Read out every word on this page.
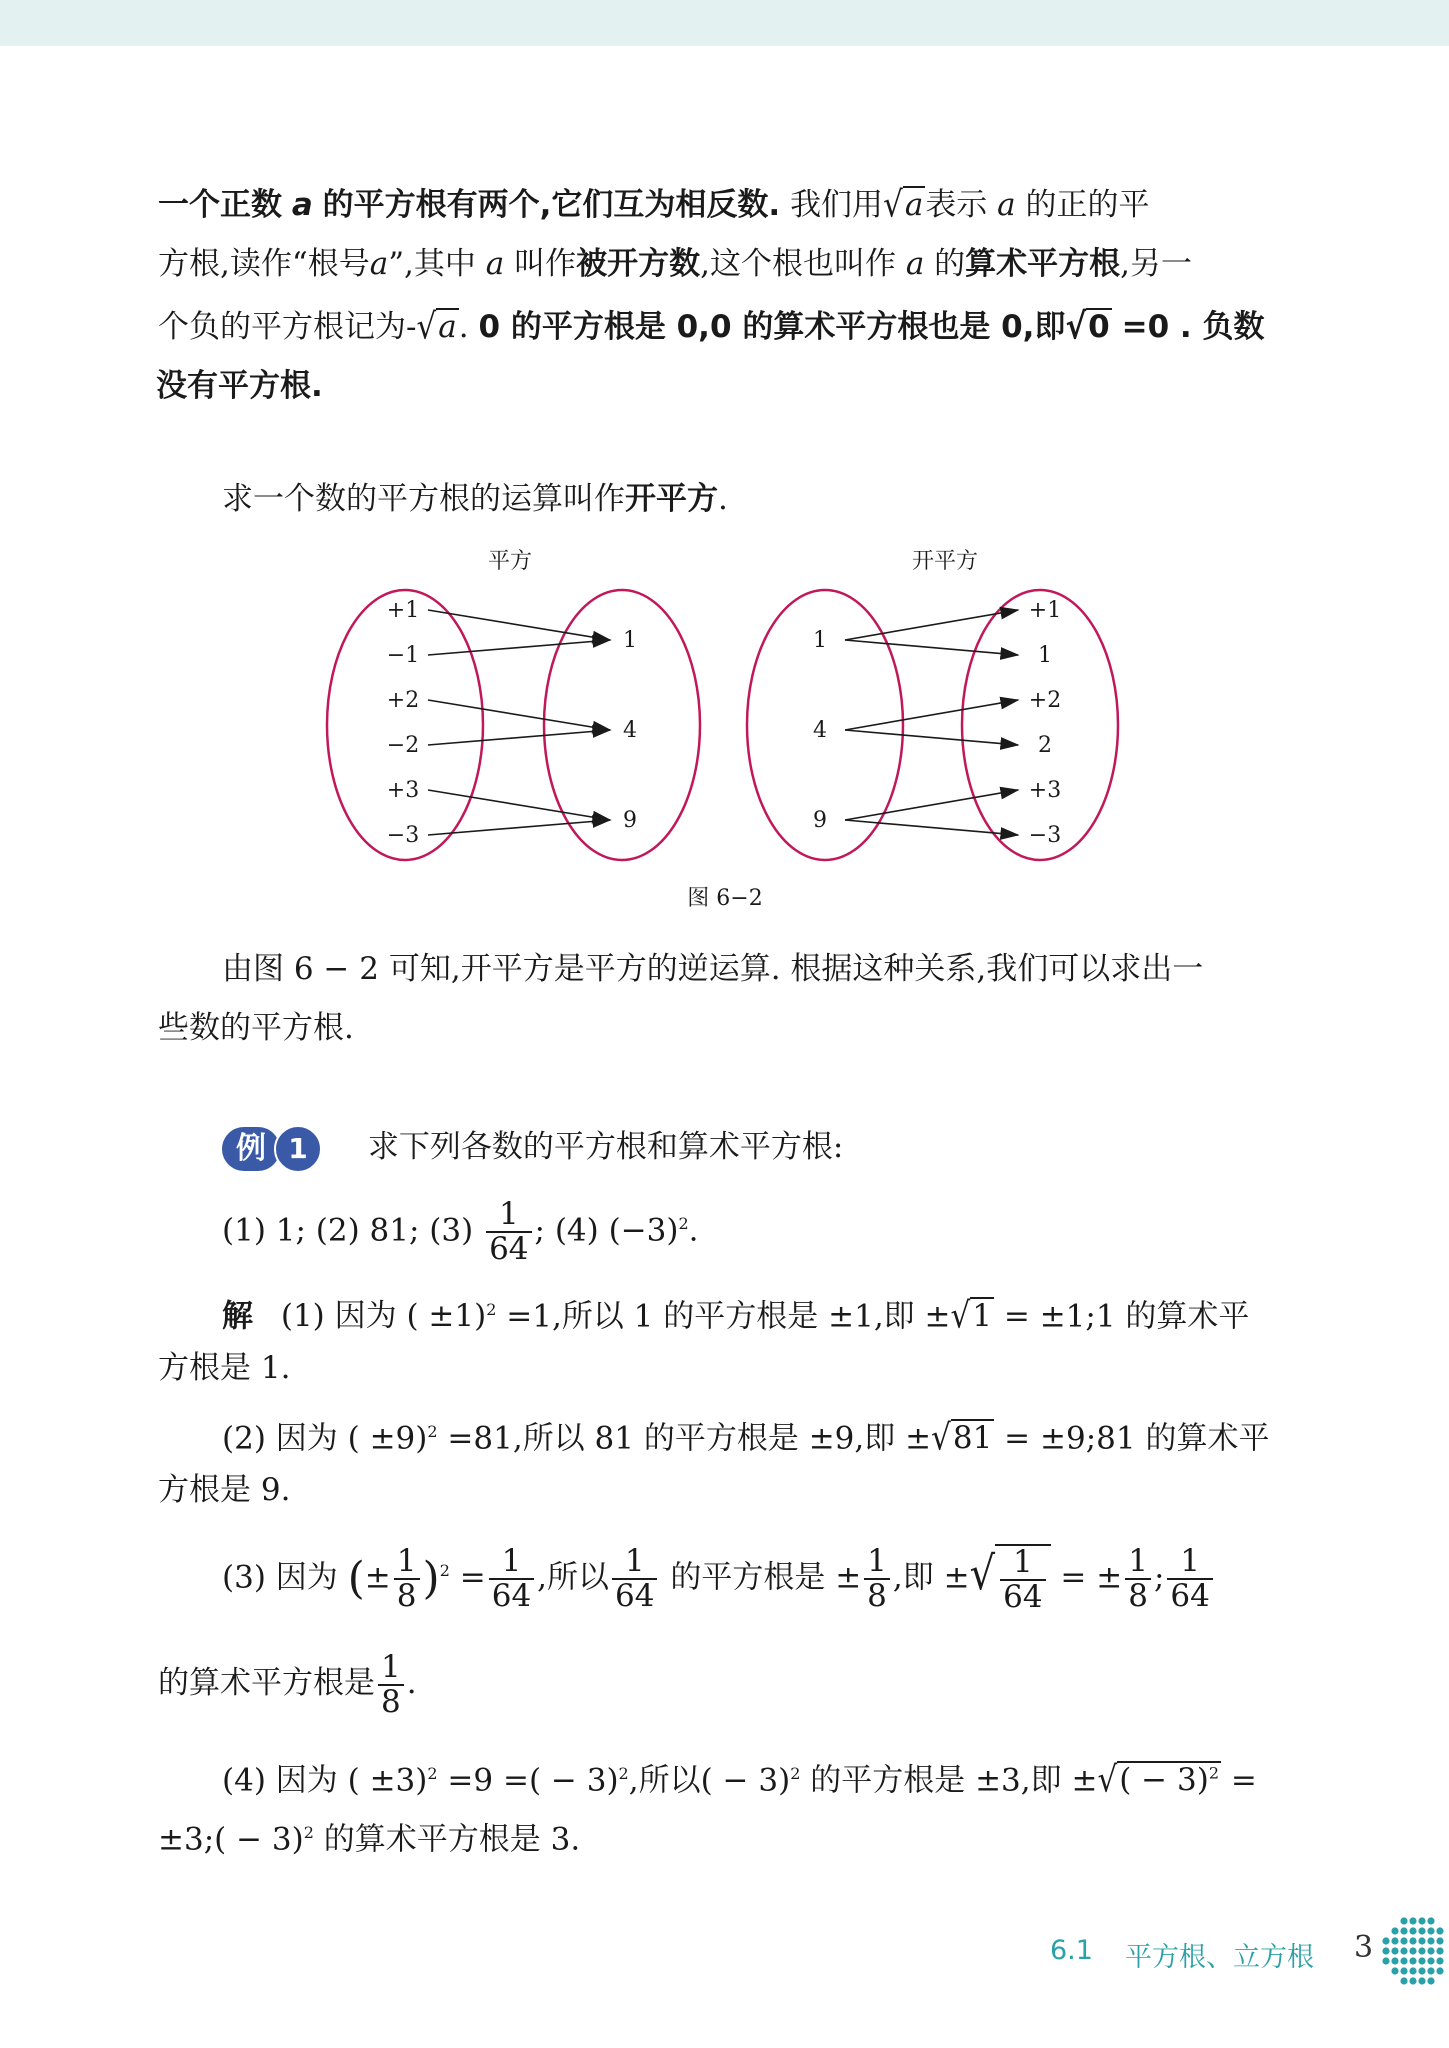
一个正数 a 的平方根有两个,它们互为相反数. 我们用√a表示 a 的正的平
方根,读作“根号a”,其中 a 叫作被开方数,这个根也叫作 a 的算术平方根,另一
个负的平方根记为-√a. 0 的平方根是 0,0 的算术平方根也是 0,即√0 =0 . 负数
没有平方根.
求一个数的平方根的运算叫作开平方.
平方	开平方
+1
−1
+2
−2
+3
−3
1
4
9
1
4
9
+1
1
+2
2
+3
−3
图 6−2
由图 6 − 2 可知,开平方是平方的逆运算. 根据这种关系,我们可以求出一
些数的平方根.
例 1	求下列各数的平方根和算术平方根:
(1) 1; (2) 81; $(3) \frac{1}{64}$ ; (4) $(-3)^2$.
解 (1) 因为 ( ±1)$^2$ =1,所以 1 的平方根是 ±1,即 ±√1 = ±1;1 的算术平
方根是 1.
(2) 因为 ( ±9)$^2$ =81,所以 81 的平方根是 ±9,即 ±√81 = ±9;81 的算术平
方根是 9.
(3) 因为 (± $\frac{1}{8} )^2 = \frac{1}{64}$ ,所以 $\frac{1}{64}$ 的平方根是 ± $\frac{1}{8}$ ,即 ±√ $\frac{1}{64}$ = ± $\frac{1}{8}$ ; $\frac{1}{64}$
的算术平方根是 $\frac{1}{8}$ .
(4) 因为 ( ±3)$^2$ =9 =( − 3)$^2$,所以( − 3)$^2$ 的平方根是 ±3,即 ±√( − 3)$^2$ =
±3;( − 3)$^2$ 的算术平方根是 3.
6.1 平方根、立方根 3
